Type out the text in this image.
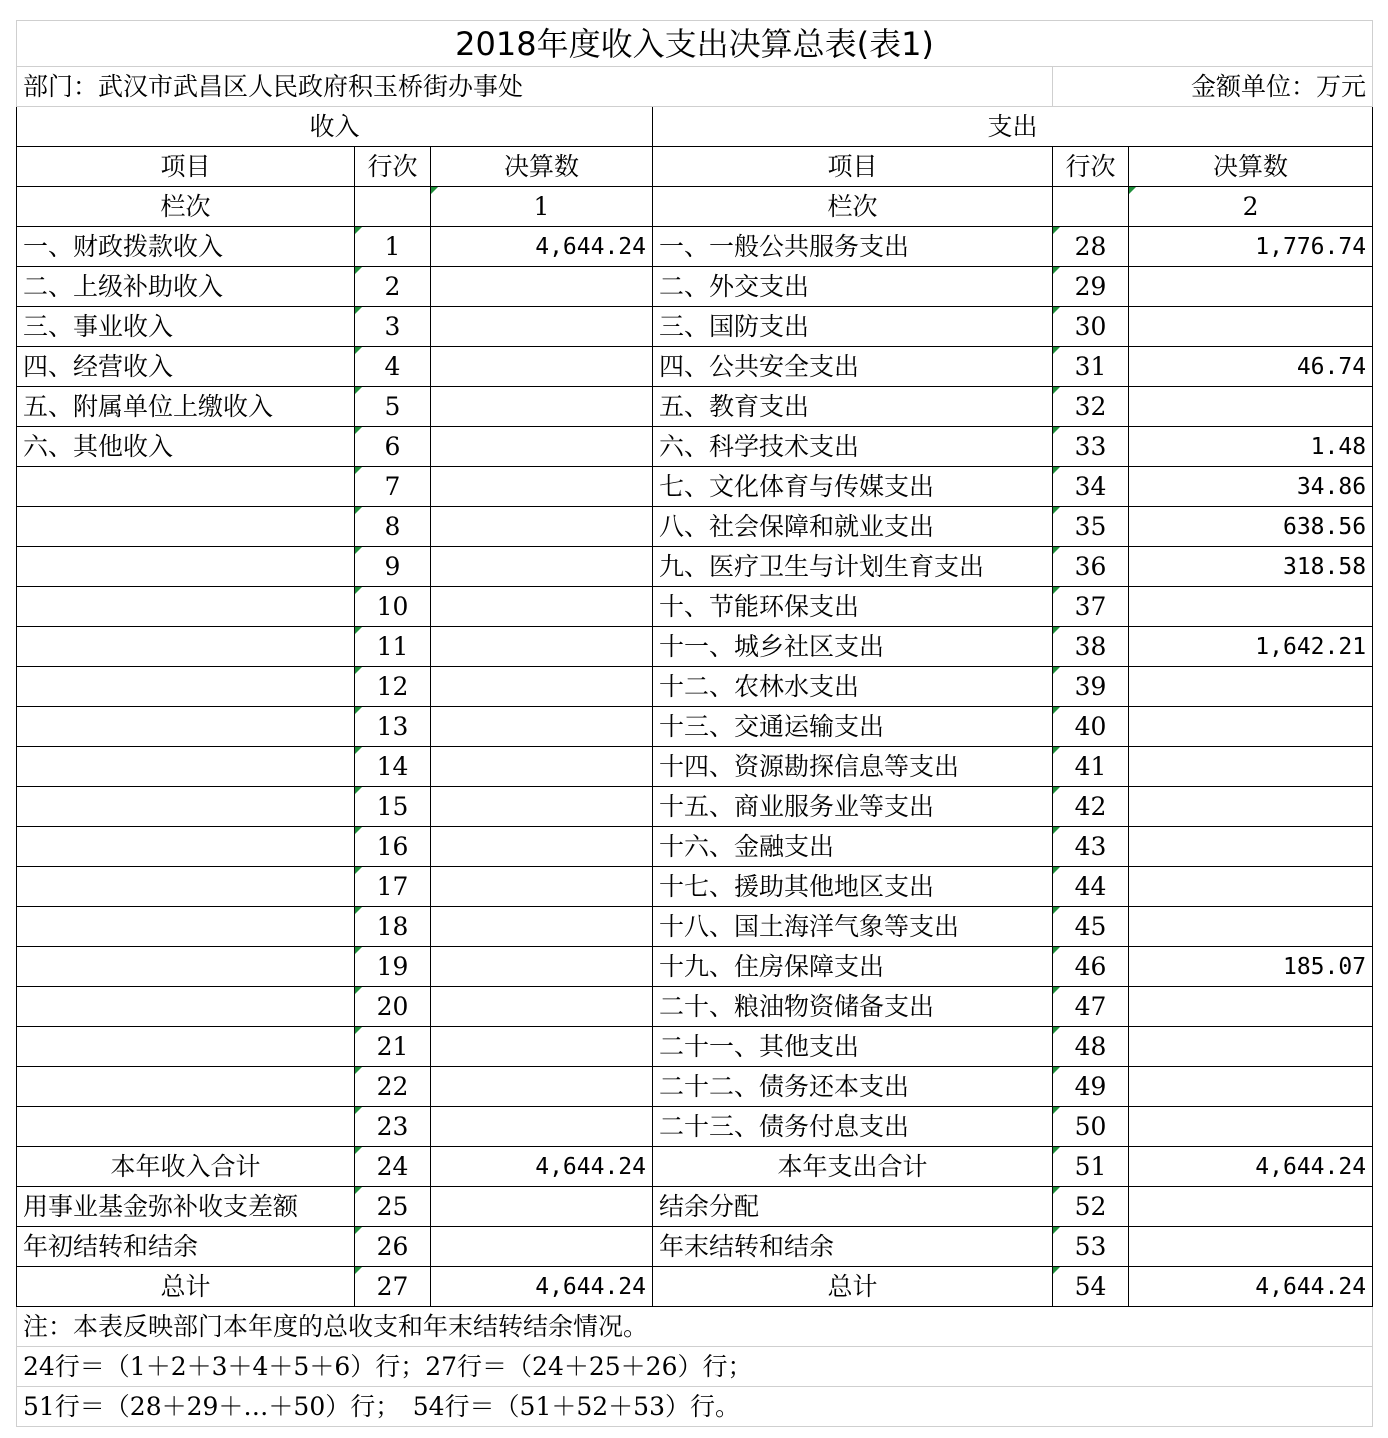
2018年度收入支出决算总表(表1)					
部门：武汉市武昌区人民政府积玉桥街办事处				金额单位：万元	
收入			支出		
项目	行次	决算数	项目	行次	决算数
栏次		1	栏次		2
一、财政拨款收入	1	4,644.24	一、一般公共服务支出	28	1,776.74
二、上级补助收入	2		二、外交支出	29	
三、事业收入	3		三、国防支出	30	
四、经营收入	4		四、公共安全支出	31	46.74
五、附属单位上缴收入	5		五、教育支出	32	
六、其他收入	6		六、科学技术支出	33	1.48
	7		七、文化体育与传媒支出	34	34.86
	8		八、社会保障和就业支出	35	638.56
	9		九、医疗卫生与计划生育支出	36	318.58
	10		十、节能环保支出	37	
	11		十一、城乡社区支出	38	1,642.21
	12		十二、农林水支出	39	
	13		十三、交通运输支出	40	
	14		十四、资源勘探信息等支出	41	
	15		十五、商业服务业等支出	42	
	16		十六、金融支出	43	
	17		十七、援助其他地区支出	44	
	18		十八、国土海洋气象等支出	45	
	19		十九、住房保障支出	46	185.07
	20		二十、粮油物资储备支出	47	
	21		二十一、其他支出	48	
	22		二十二、债务还本支出	49	
	23		二十三、债务付息支出	50	
本年收入合计	24	4,644.24	本年支出合计	51	4,644.24
用事业基金弥补收支差额	25		结余分配	52	
年初结转和结余	26		年末结转和结余	53	
总计	27	4,644.24	总计	54	4,644.24
注：本表反映部门本年度的总收支和年末结转结余情况。					
24行＝（1＋2＋3＋4＋5＋6）行；27行＝（24＋25＋26）行；					
51行＝（28＋29＋…＋50）行；　54行＝（51＋52＋53）行。					
